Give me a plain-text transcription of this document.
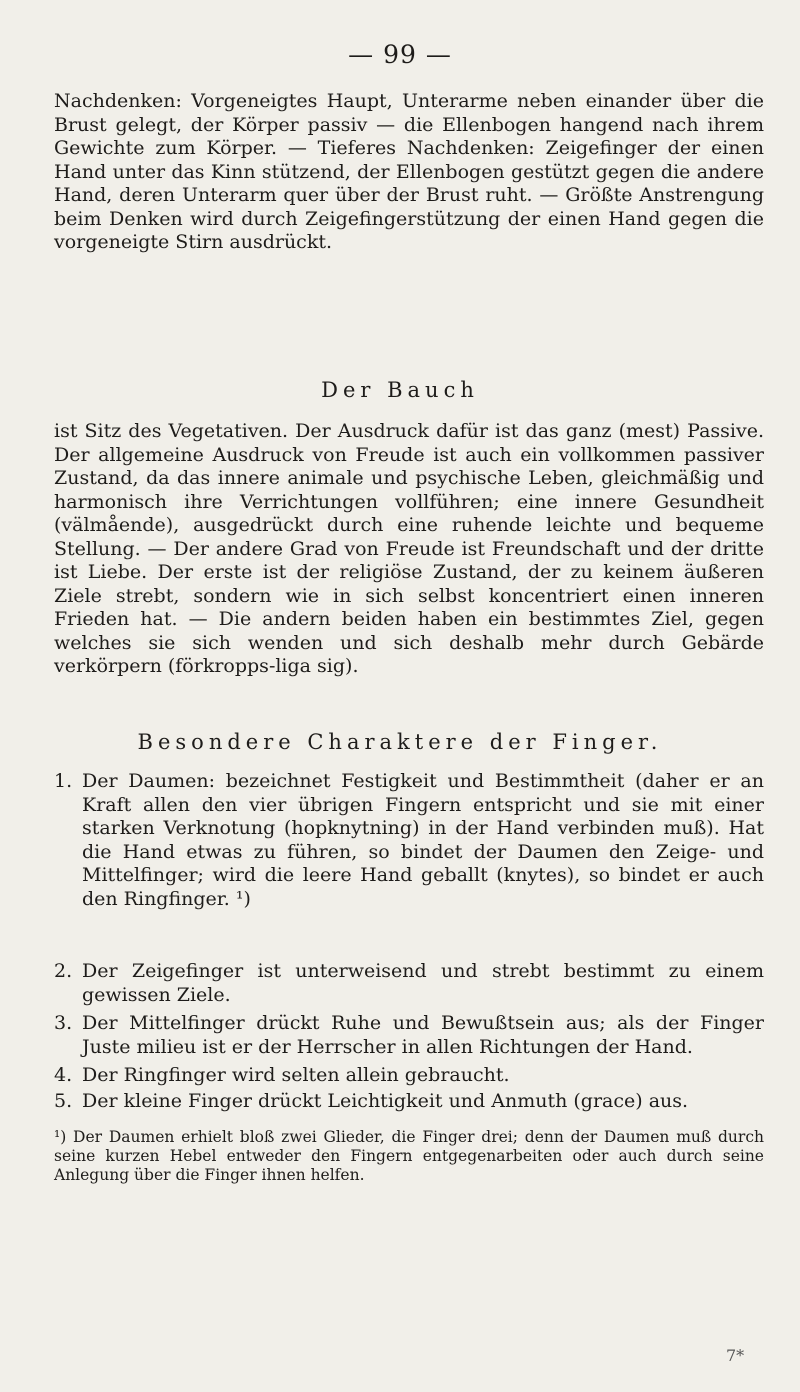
— 99 —
Nachdenken: Vorgeneigtes Haupt, Unterarme neben einander über die Brust gelegt, der Körper passiv — die Ellenbogen hangend nach ihrem Gewichte zum Körper. — Tieferes Nachdenken: Zeigefinger der einen Hand unter das Kinn stützend, der Ellenbogen gestützt gegen die andere Hand, deren Unterarm quer über der Brust ruht. — Größte Anstrengung beim Denken wird durch Zeigefingerstützung der einen Hand gegen die vorgeneigte Stirn ausdrückt.
Der Bauch
ist Sitz des Vegetativen. Der Ausdruck dafür ist das ganz (mest) Passive. Der allgemeine Ausdruck von Freude ist auch ein vollkommen passiver Zustand, da das innere animale und psychische Leben, gleichmäßig und harmonisch ihre Verrichtungen vollführen; eine innere Gesundheit (välmående), ausgedrückt durch eine ruhende leichte und bequeme Stellung. — Der andere Grad von Freude ist Freundschaft und der dritte ist Liebe. Der erste ist der religiöse Zustand, der zu keinem äußeren Ziele strebt, sondern wie in sich selbst koncentriert einen inneren Frieden hat. — Die andern beiden haben ein bestimmtes Ziel, gegen welches sie sich wenden und sich deshalb mehr durch Gebärde verkörpern (förkropps-liga sig).
Besondere Charaktere der Finger.
1. Der Daumen: bezeichnet Festigkeit und Bestimmtheit (daher er an Kraft allen den vier übrigen Fingern entspricht und sie mit einer starken Verknotung (hopknytning) in der Hand verbinden muß). Hat die Hand etwas zu führen, so bindet der Daumen den Zeige- und Mittelfinger; wird die leere Hand geballt (knytes), so bindet er auch den Ringfinger. ¹)
2. Der Zeigefinger ist unterweisend und strebt bestimmt zu einem gewissen Ziele.
3. Der Mittelfinger drückt Ruhe und Bewußtsein aus; als der Finger Juste milieu ist er der Herrscher in allen Richtungen der Hand.
4. Der Ringfinger wird selten allein gebraucht.
5. Der kleine Finger drückt Leichtigkeit und Anmuth (grace) aus.
¹) Der Daumen erhielt bloß zwei Glieder, die Finger drei; denn der Daumen muß durch seine kurzen Hebel entweder den Fingern entgegenarbeiten oder auch durch seine Anlegung über die Finger ihnen helfen.
7*
